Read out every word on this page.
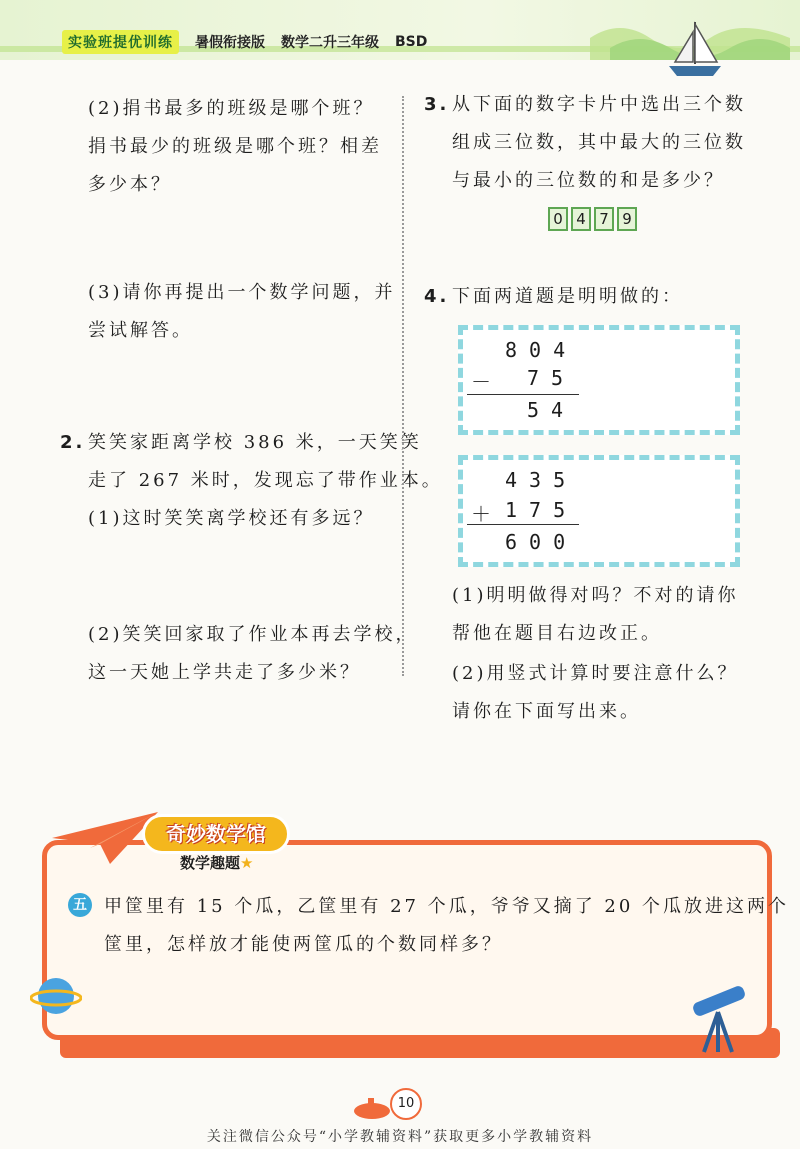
实验班提优训练	暑假衔接版 数学二升三年级 BSD
(2)捐书最多的班级是哪个班？
捐书最少的班级是哪个班？相差
多少本？
(3)请你再提出一个数学问题，并
尝试解答。
2. 笑笑家距离学校 386 米，一天笑笑
走了 267 米时，发现忘了带作业本。
(1)这时笑笑离学校还有多远？
(2)笑笑回家取了作业本再去学校，
这一天她上学共走了多少米？
3. 从下面的数字卡片中选出三个数
组成三位数，其中最大的三位数
与最小的三位数的和是多少？
0 4 7 9
4. 下面两道题是明明做的：
804
－ 75
54
435
＋ 175
600
(1)明明做得对吗？不对的请你
帮他在题目右边改正。
(2)用竖式计算时要注意什么？
请你在下面写出来。
奇妙数学馆
数学趣题★
五 甲筐里有 15 个瓜，乙筐里有 27 个瓜，爷爷又摘了 20 个瓜放进这两个
筐里，怎样放才能使两筐瓜的个数同样多？
10
关注微信公众号“小学教辅资料”获取更多小学教辅资料
